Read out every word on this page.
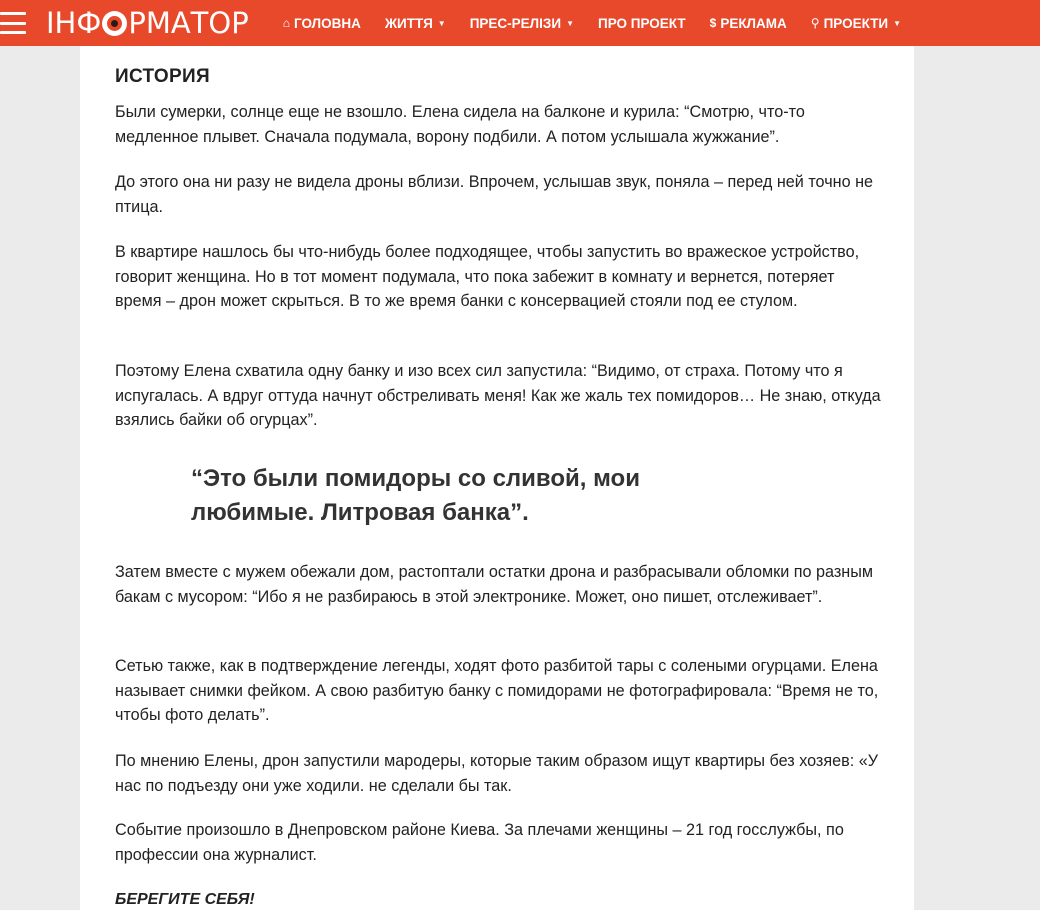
ІНФ РМАТОР	⌂ ГОЛОВНА ЖИТТЯ ▼ ПРЕС-РЕЛІЗИ ▼ ПРО ПРОЕКТ $ РЕКЛАМА ⚲ ПРОЕКТИ ▼
ИСТОРИЯ

Были сумерки, солнце еще не взошло. Елена сидела на балконе и курила: “Смотрю, что-то медленное плывет. Сначала подумала, ворону подбили. А потом услышала жужжание”.

До этого она ни разу не видела дроны вблизи. Впрочем, услышав звук, поняла – перед ней точно не птица.

В квартире нашлось бы что-нибудь более подходящее, чтобы запустить во вражеское устройство, говорит женщина. Но в тот момент подумала, что пока забежит в комнату и вернется, потеряет время – дрон может скрыться. В то же время банки с консервацией стояли под ее стулом.

Поэтому Елена схватила одну банку и изо всех сил запустила: “Видимо, от страха. Потому что я испугалась. А вдруг оттуда начнут обстреливать меня! Как же жаль тех помидоров… Не знаю, откуда взялись байки об огурцах”.

“Это были помидоры со сливой, мои любимые. Литровая банка”.

Затем вместе с мужем обежали дом, растоптали остатки дрона и разбрасывали обломки по разным бакам с мусором: “Ибо я не разбираюсь в этой электронике. Может, оно пишет, отслеживает”.

Сетью также, как в подтверждение легенды, ходят фото разбитой тары с солеными огурцами. Елена называет снимки фейком. А свою разбитую банку с помидорами не фотографировала: “Время не то, чтобы фото делать”.

По мнению Елены, дрон запустили мародеры, которые таким образом ищут квартиры без хозяев: «У нас по подъезду они уже ходили. не сделали бы так.

Событие произошло в Днепровском районе Киева. За плечами женщины – 21 год госслужбы, по профессии она журналист.

БЕРЕГИТЕ СЕБЯ!
